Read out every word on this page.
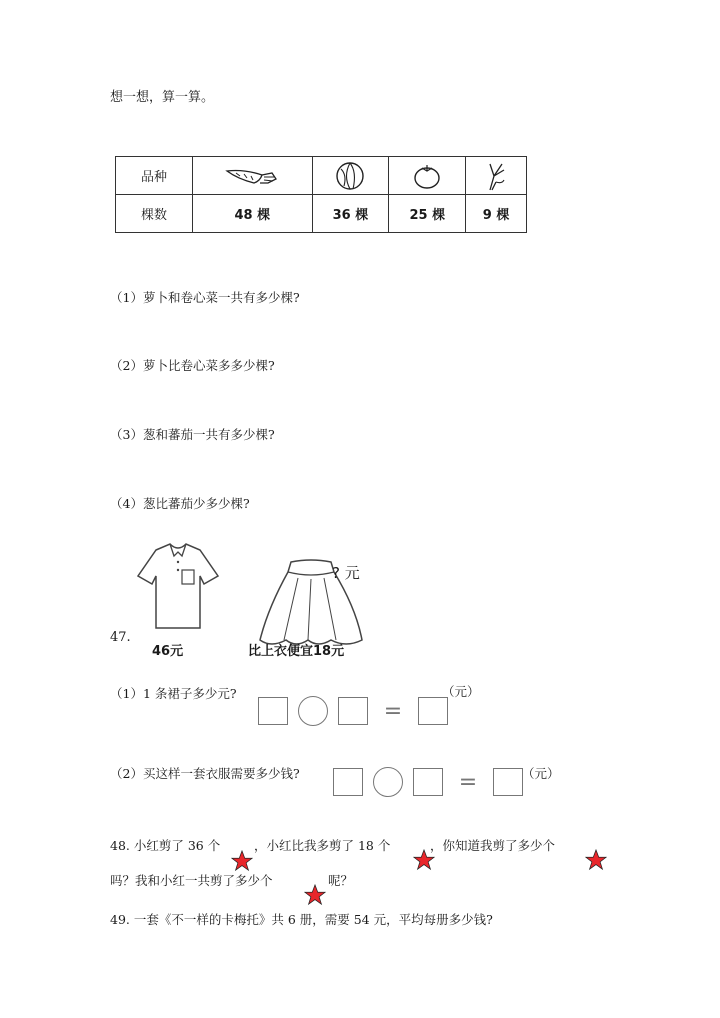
想一想，算一算。
品种	

棵数	48 棵	36 棵	25 棵	9 棵
（1）萝卜和卷心菜一共有多少棵?
（2）萝卜比卷心菜多多少棵?
（3）葱和蕃茄一共有多少棵?
（4）葱比蕃茄少多少棵?
47.
46元
? 元
比上衣便宜18元
（1）1 条裙子多少元?
=
（元）
（2）买这样一套衣服需要多少钱?	=	（元）
48. 小红剪了 36 个	，小红比我多剪了 18 个	，你知道我剪了多少个
吗？我和小红一共剪了多少个	呢？
49. 一套《不一样的卡梅托》共 6 册，需要 54 元，平均每册多少钱?
